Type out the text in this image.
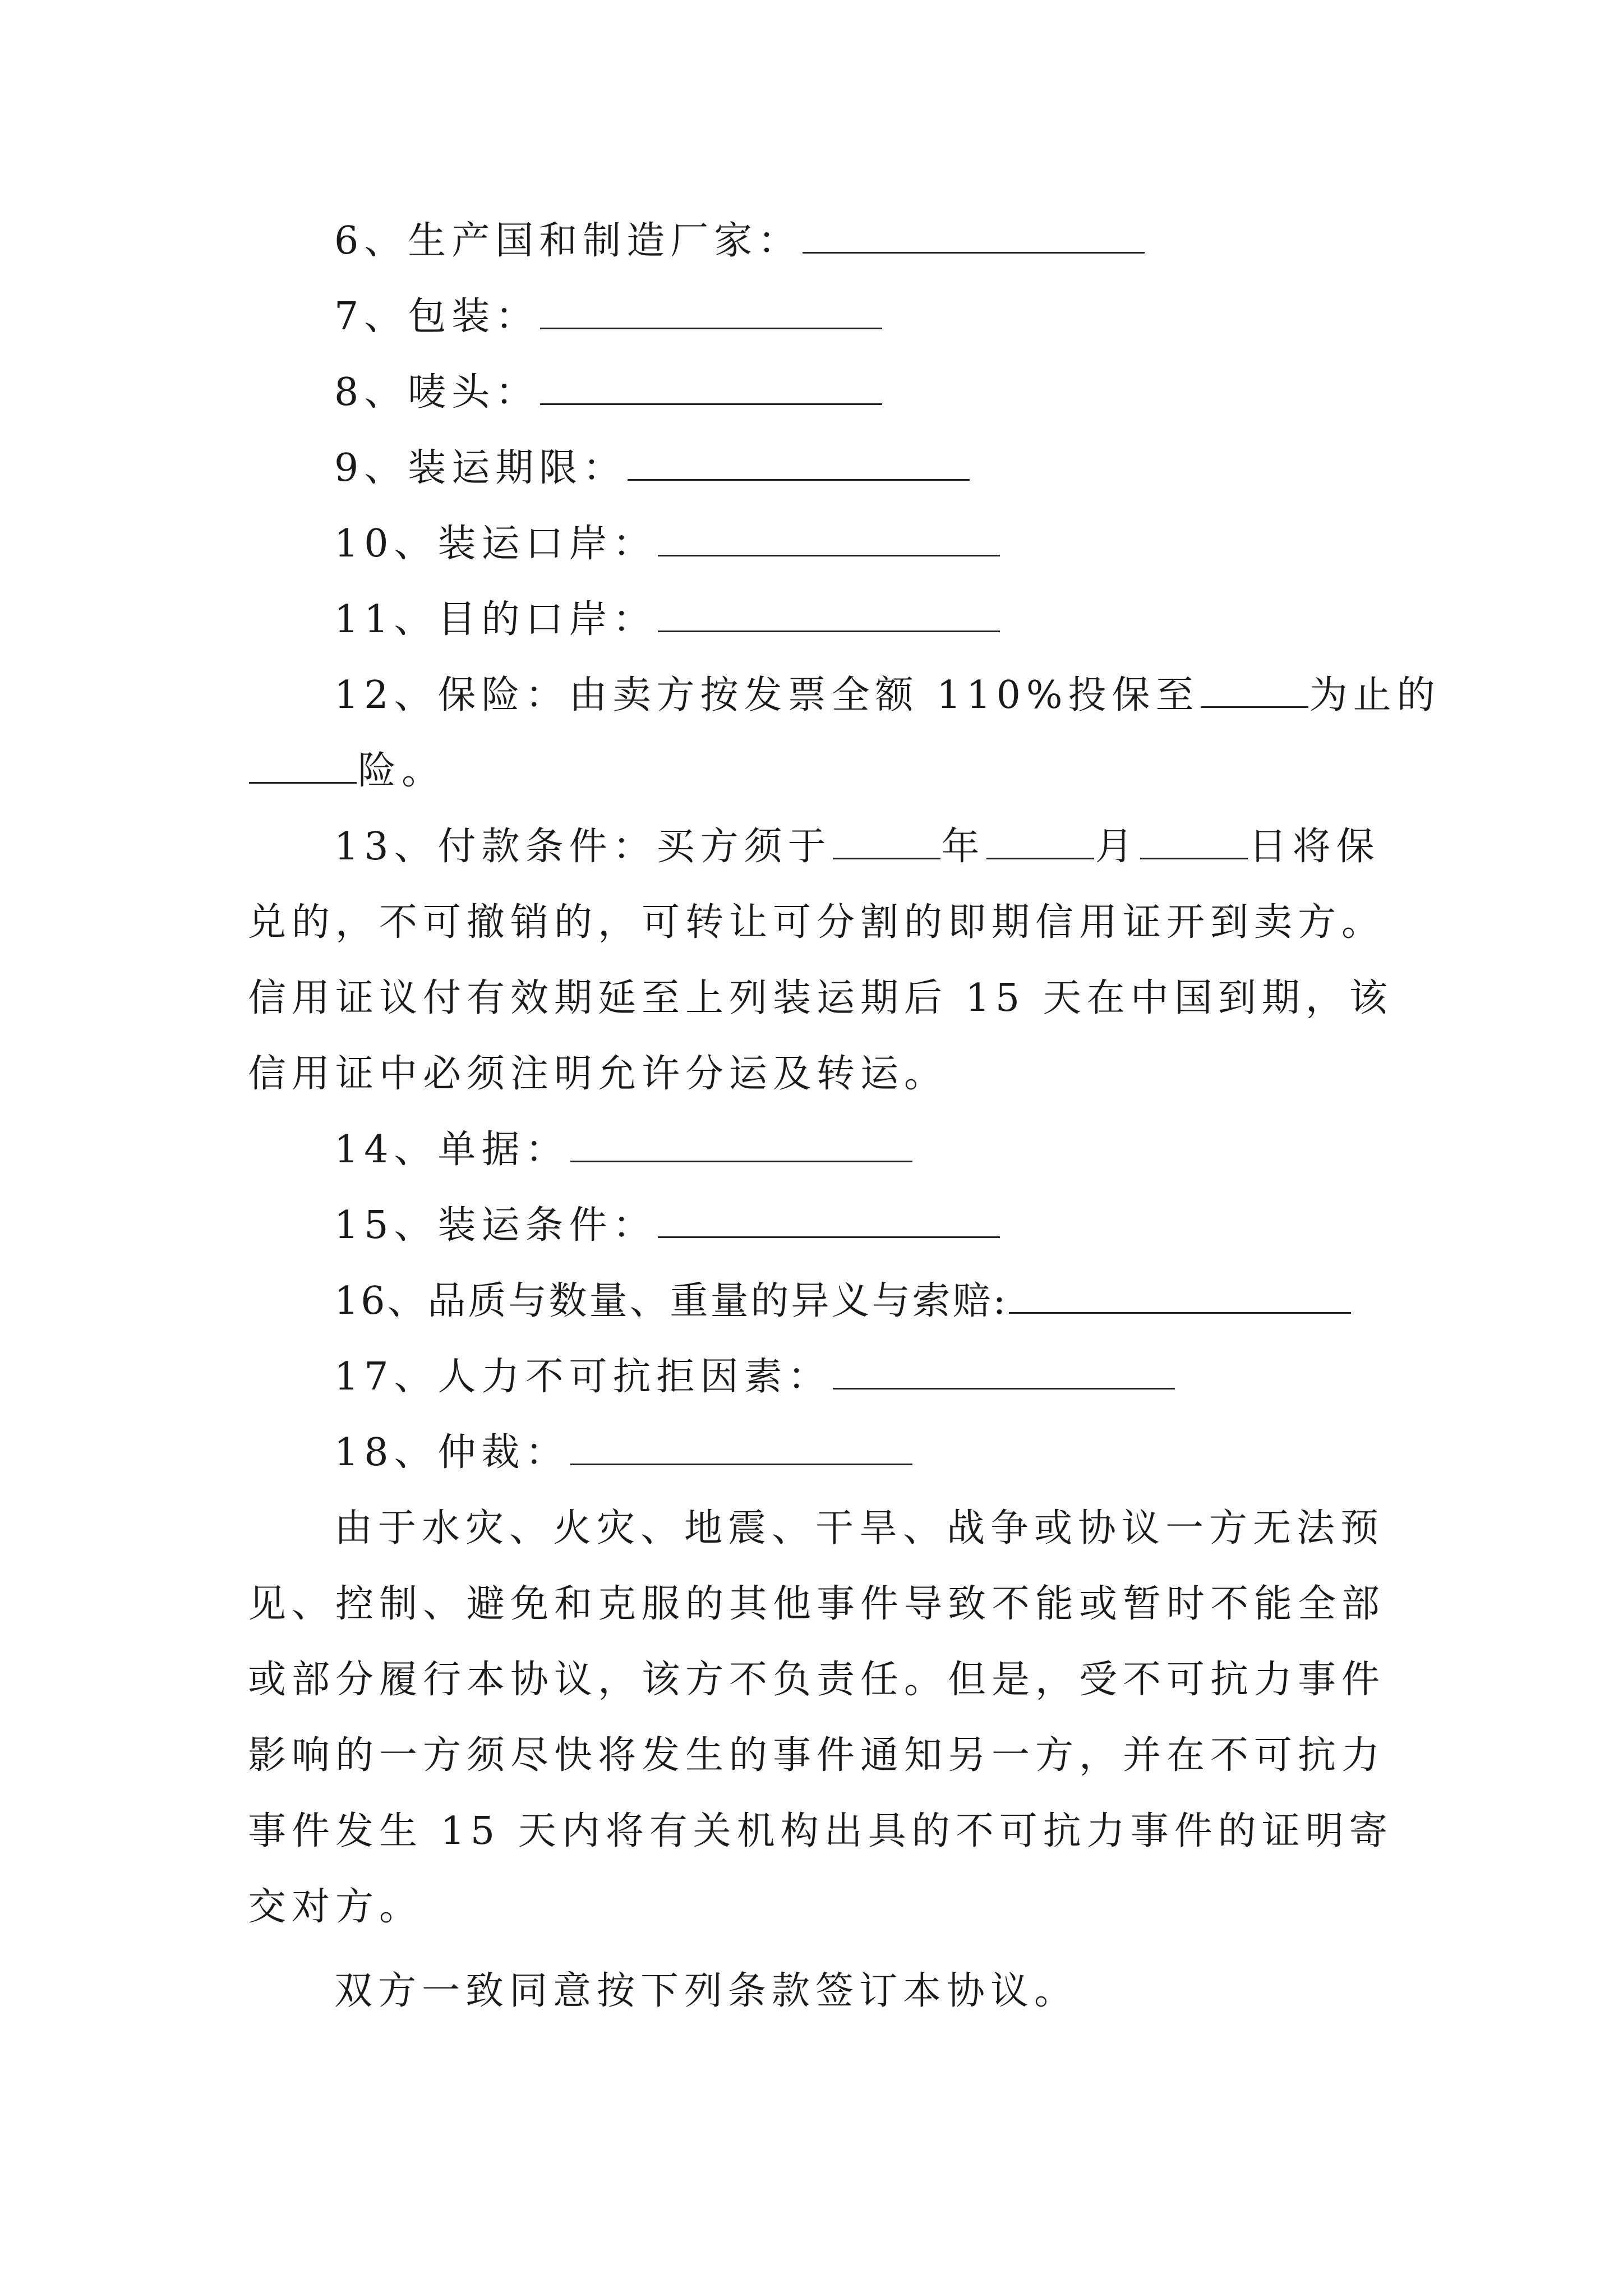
6、生产国和制造厂家：
7、包装：
8、唛头：
9、装运期限：
10、装运口岸：
11、目的口岸：
12、保险：由卖方按发票全额 110%投保至	为止的
险。
13、付款条件：买方须于	年	月	日将保
兑的，不可撤销的，可转让可分割的即期信用证开到卖方。
信用证议付有效期延至上列装运期后 15 天在中国到期，该
信用证中必须注明允许分运及转运。
14、单据：
15、装运条件：
16、品质与数量、重量的异义与索赔:
17、人力不可抗拒因素：
18、仲裁：
由于水灾、火灾、地震、干旱、战争或协议一方无法预
见、控制、避免和克服的其他事件导致不能或暂时不能全部
或部分履行本协议，该方不负责任。但是，受不可抗力事件
影响的一方须尽快将发生的事件通知另一方，并在不可抗力
事件发生 15 天内将有关机构出具的不可抗力事件的证明寄
交对方。
双方一致同意按下列条款签订本协议。
